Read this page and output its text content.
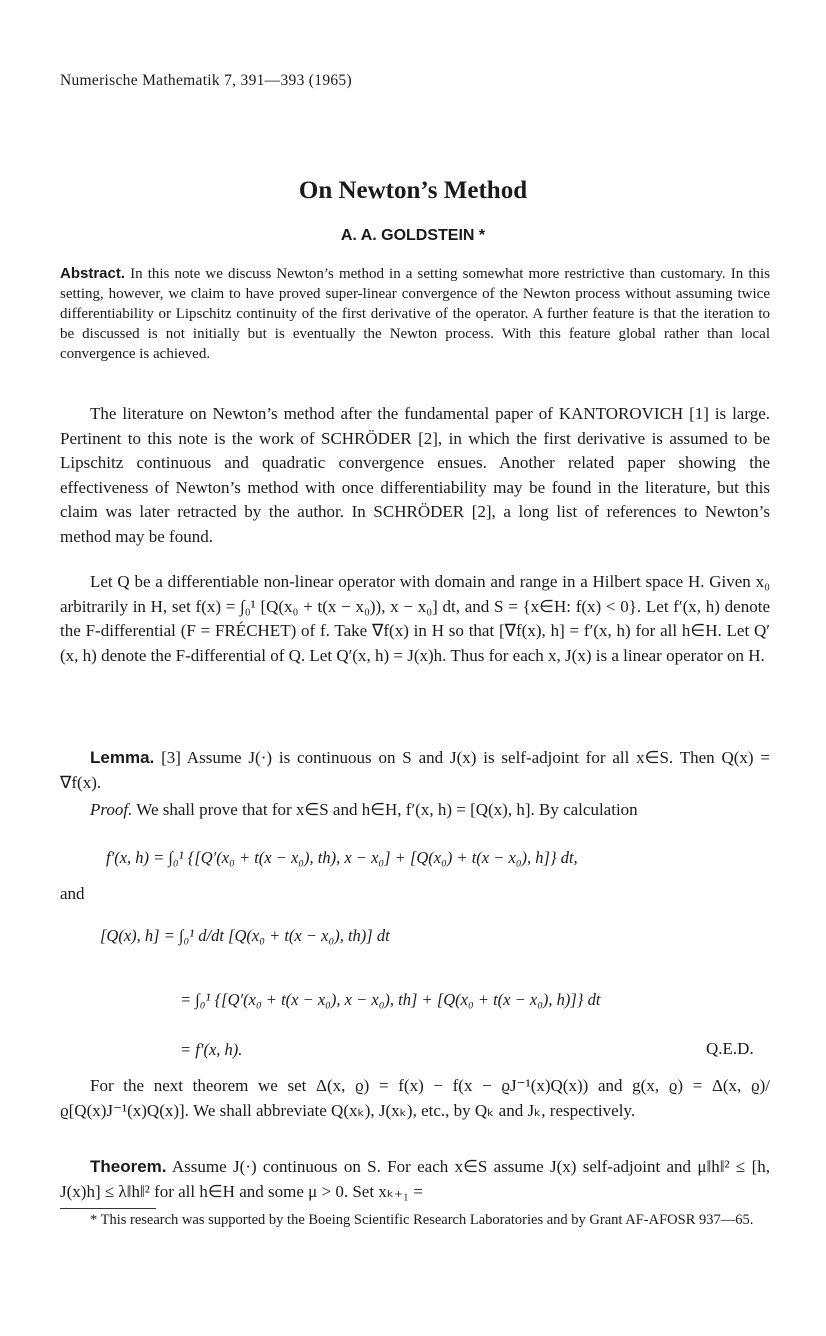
Numerische Mathematik 7, 391—393 (1965)
On Newton’s Method
A. A. GOLDSTEIN *
Abstract. In this note we discuss Newton’s method in a setting somewhat more restrictive than customary. In this setting, however, we claim to have proved super-linear convergence of the Newton process without assuming twice differentiability or Lipschitz continuity of the first derivative of the operator. A further feature is that the iteration to be discussed is not initially but is eventually the Newton process. With this feature global rather than local convergence is achieved.
The literature on Newton’s method after the fundamental paper of KANTOROVICH [1] is large. Pertinent to this note is the work of SCHRÖDER [2], in which the first derivative is assumed to be Lipschitz continuous and quadratic convergence ensues. Another related paper showing the effectiveness of Newton’s method with once differentiability may be found in the literature, but this claim was later retracted by the author. In SCHRÖDER [2], a long list of references to Newton’s method may be found.
Let Q be a differentiable non-linear operator with domain and range in a Hilbert space H. Given x₀ arbitrarily in H, set f(x) = ∫₀¹ [Q(x₀ + t(x − x₀)), x − x₀] dt, and S = {x∈H: f(x) < 0}. Let f′(x, h) denote the F-differential (F = FRÉCHET) of f. Take ∇f(x) in H so that [∇f(x), h] = f′(x, h) for all h∈H. Let Q′(x, h) denote the F-differential of Q. Let Q′(x, h) = J(x)h. Thus for each x, J(x) is a linear operator on H.
Lemma. [3] Assume J(·) is continuous on S and J(x) is self-adjoint for all x∈S. Then Q(x) = ∇f(x).
Proof. We shall prove that for x∈S and h∈H, f′(x, h) = [Q(x), h]. By calculation
f′(x, h) = ∫₀¹ {[Q′(x₀ + t(x − x₀), th), x − x₀] + [Q(x₀) + t(x − x₀), h]} dt,
and
[Q(x), h] = ∫₀¹ d/dt [Q(x₀ + t(x − x₀), th)] dt
= ∫₀¹ {[Q′(x₀ + t(x − x₀), x − x₀), th] + [Q(x₀ + t(x − x₀), h)]} dt
= f′(x, h).	Q.E.D.
For the next theorem we set Δ(x, ϱ) = f(x) − f(x − ϱJ⁻¹(x)Q(x)) and g(x, ϱ) = Δ(x, ϱ)/ϱ[Q(x)J⁻¹(x)Q(x)]. We shall abbreviate Q(xₖ), J(xₖ), etc., by Qₖ and Jₖ, respectively.
Theorem. Assume J(·) continuous on S. For each x∈S assume J(x) self-adjoint and μ‖h‖² ≤ [h, J(x)h] ≤ λ‖h‖² for all h∈H and some μ > 0. Set xₖ₊₁ =
* This research was supported by the Boeing Scientific Research Laboratories and by Grant AF-AFOSR 937—65.
